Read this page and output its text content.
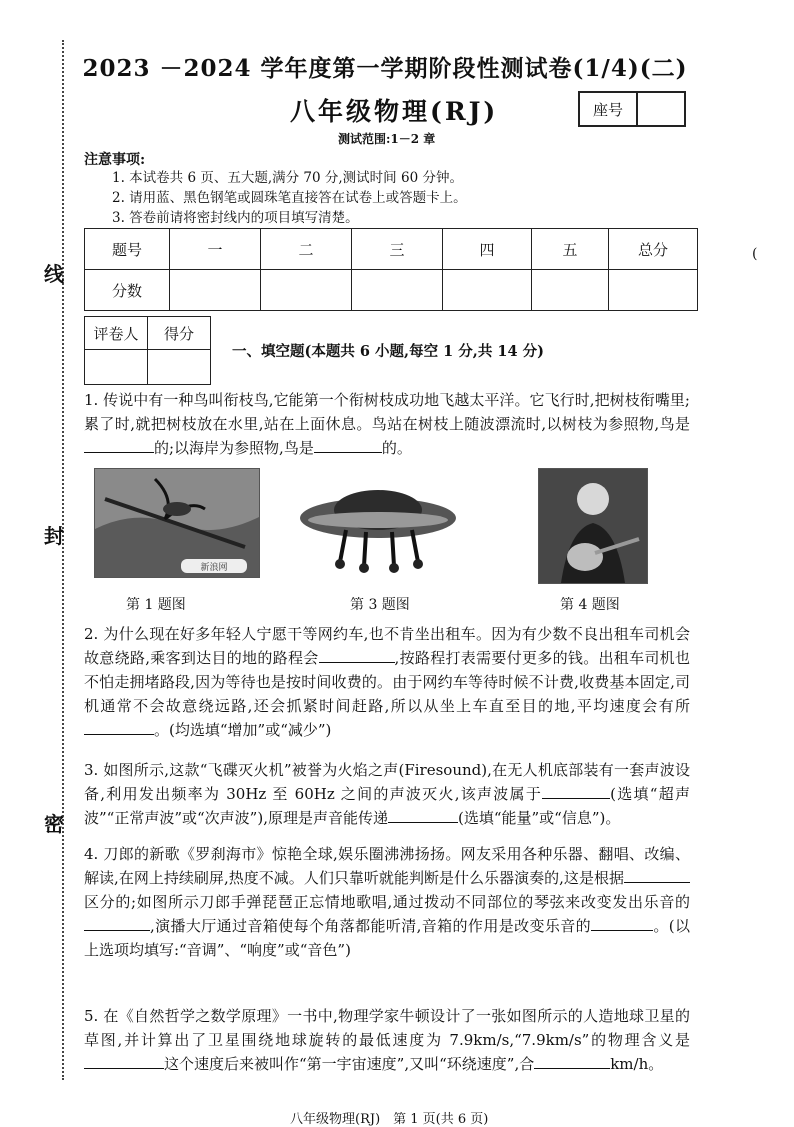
线
封
密
2023 －2024 学年度第一学期阶段性测试卷(1/4)(二)
八年级物理(RJ)	座号
测试范围:1－2 章
注意事项:
1. 本试卷共 6 页、五大题,满分 70 分,测试时间 60 分钟。
2. 请用蓝、黑色钢笔或圆珠笔直接答在试卷上或答题卡上。
3. 答卷前请将密封线内的项目填写清楚。
题号	一	二	三	四	五	总分
分数						
(
评卷人	得分

一、填空题(本题共 6 小题,每空 1 分,共 14 分)
1. 传说中有一种鸟叫衔枝鸟,它能第一个衔树枝成功地飞越太平洋。它飞行时,把树枝衔嘴里;累了时,就把树枝放在水里,站在上面休息。鸟站在树枝上随波漂流时,以树枝为参照物,鸟是的;以海岸为参照物,鸟是	的。
新浪网
第 1 题图	第 3 题图	第 4 题图
2. 为什么现在好多年轻人宁愿干等网约车,也不肯坐出租车。因为有少数不良出租车司机会故意绕路,乘客到达目的地的路程会	,按路程打表需要付更多的钱。出租车司机也不怕走拥堵路段,因为等待也是按时间收费的。由于网约车等待时候不计费,收费基本固定,司机通常不会故意绕远路,还会抓紧时间赶路,所以从坐上车直至目的地,平均速度会有所。(均选填“增加”或“减少”)
3. 如图所示,这款“飞碟灭火机”被誉为火焰之声(Firesound),在无人机底部装有一套声波设备,利用发出频率为 30Hz 至 60Hz 之间的声波灭火,该声波属于	(选填“超声波”“正常声波”或“次声波”),原理是声音能传递	(选填“能量”或“信息”)。
4. 刀郎的新歌《罗刹海市》惊艳全球,娱乐圈沸沸扬扬。网友采用各种乐器、翻唱、改编、解读,在网上持续刷屏,热度不减。人们只靠听就能判断是什么乐器演奏的,这是根据区分的;如图所示刀郎手弹琵琶正忘情地歌唱,通过拨动不同部位的琴弦来改变发出乐音的,演播大厅通过音箱使每个角落都能听清,音箱的作用是改变乐音的	。(以上选项均填写:“音调”、“响度”或“音色”)
5. 在《自然哲学之数学原理》一书中,物理学家牛顿设计了一张如图所示的人造地球卫星的草图,并计算出了卫星围绕地球旋转的最低速度为 7.9km/s,“7.9km/s”的物理含义是这个速度后来被叫作“第一宇宙速度”,又叫“环绕速度”,合	km/h。
八年级物理(RJ)　第 1 页(共 6 页)
